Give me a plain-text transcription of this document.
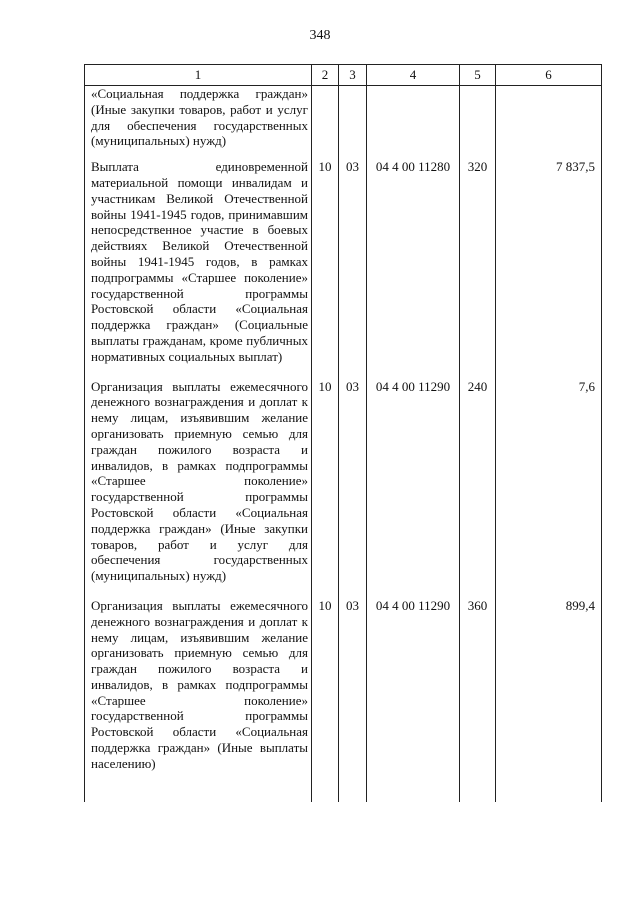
348
1	2	3	4	5	6
«Социальная поддержка граждан» (Иные закупки товаров, работ и услуг для обеспечения государственных (муниципальных) нужд)					
Выплата единовременной материальной помощи инвалидам и участникам Великой Отечественной войны 1941-1945 годов, принимавшим непосредственное участие в боевых действиях Великой Отечественной войны 1941-1945 годов, в рамках подпрограммы «Старшее поколение» государственной программы Ростовской области «Социальная поддержка граждан» (Социальные выплаты гражданам, кроме публичных нормативных социальных выплат)	10	03	04 4 00 11280	320	7 837,5
Организация выплаты ежемесячного денежного вознаграждения и доплат к нему лицам, изъявившим желание организовать приемную семью для граждан пожилого возраста и инвалидов, в рамках подпрограммы «Старшее поколение» государственной программы Ростовской области «Социальная поддержка граждан» (Иные закупки товаров, работ и услуг для обеспечения государственных (муниципальных) нужд)	10	03	04 4 00 11290	240	7,6
Организация выплаты ежемесячного денежного вознаграждения и доплат к нему лицам, изъявившим желание организовать приемную семью для граждан пожилого возраста и инвалидов, в рамках подпрограммы «Старшее поколение» государственной программы Ростовской области «Социальная поддержка граждан» (Иные выплаты населению)	10	03	04 4 00 11290	360	899,4
